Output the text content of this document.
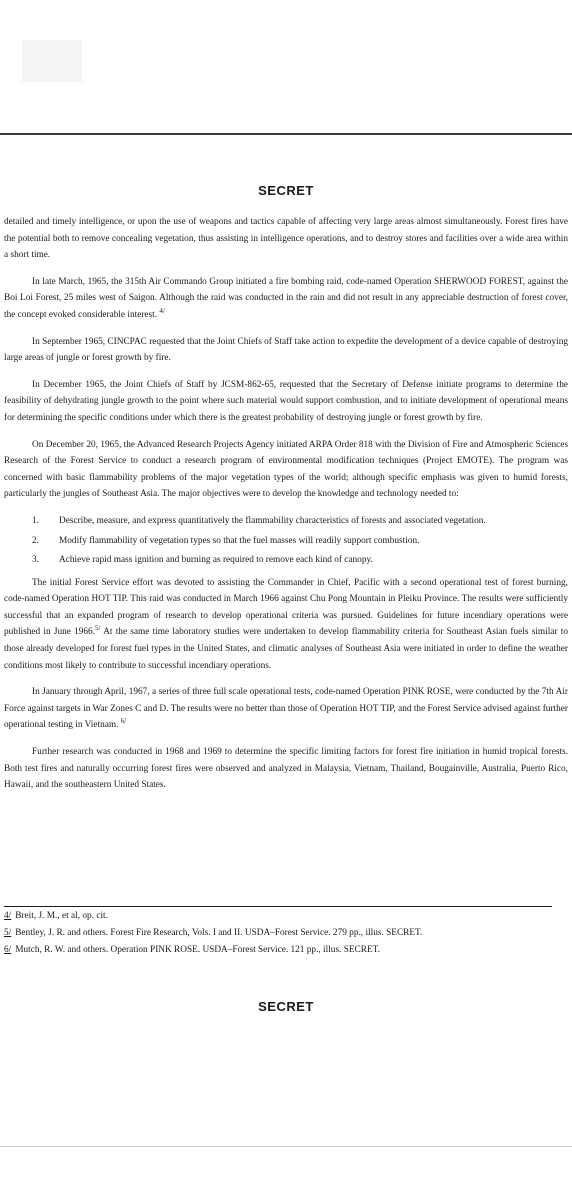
SECRET

detailed and timely intelligence, or upon the use of weapons and tactics capable of affecting very large areas almost simultaneously. Forest fires have the potential both to remove concealing vegetation, thus assisting in intelligence operations, and to destroy stores and facilities over a wide area within a short time.

In late March, 1965, the 315th Air Commando Group initiated a fire bombing raid, code-named Operation SHERWOOD FOREST, against the Boi Loi Forest, 25 miles west of Saigon. Although the raid was conducted in the rain and did not result in any appreciable destruction of forest cover, the concept evoked considerable interest. $^{4/}$

In September 1965, CINCPAC requested that the Joint Chiefs of Staff take action to expedite the development of a device capable of destroying large areas of jungle or forest growth by fire.

In December 1965, the Joint Chiefs of Staff by JCSM-862-65, requested that the Secretary of Defense initiate programs to determine the feasibility of dehydrating jungle growth to the point where such material would support combustion, and to initiate development of operational means for determining the specific conditions under which there is the greatest probability of destroying jungle or forest growth by fire.

On December 20, 1965, the Advanced Research Projects Agency initiated ARPA Order 818 with the Division of Fire and Atmospheric Sciences Research of the Forest Service to conduct a research program of environmental modification techniques (Project EMOTE). The program was concerned with basic flammability problems of the major vegetation types of the world; although specific emphasis was given to humid forests, particularly the jungles of Southeast Asia. The major objectives were to develop the knowledge and technology needed to:

1. Describe, measure, and express quantitatively the flammability characteristics of forests and associated vegetation.
2. Modify flammability of vegetation types so that the fuel masses will readily support combustion.
3. Achieve rapid mass ignition and burning as required to remove each kind of canopy.

The initial Forest Service effort was devoted to assisting the Commander in Chief, Pacific with a second operational test of forest burning, code-named Operation HOT TIP. This raid was conducted in March 1966 against Chu Pong Mountain in Pleiku Province. The results were sufficiently successful that an expanded program of research to develop operational criteria was pursued. Guidelines for future incendiary operations were published in June 1966.$^{5/}$ At the same time laboratory studies were undertaken to develop flammability criteria for Southeast Asian fuels similar to those already developed for forest fuel types in the United States, and climatic analyses of Southeast Asia were initiated in order to define the weather conditions most likely to contribute to successful incendiary operations.

In January through April, 1967, a series of three full scale operational tests, code-named Operation PINK ROSE, were conducted by the 7th Air Force against targets in War Zones C and D. The results were no better than those of Operation HOT TIP, and the Forest Service advised against further operational testing in Vietnam. $^{6/}$

Further research was conducted in 1968 and 1969 to determine the specific limiting factors for forest fire initiation in humid tropical forests. Both test fires and naturally occurring forest fires were observed and analyzed in Malaysia, Vietnam, Thailand, Bougainville, Australia, Puerto Rico, Hawaii, and the southeastern United States.

4/ Breit, J. M., et al, op. cit.
5/ Bentley, J. R. and others. Forest Fire Research, Vols. I and II. USDA–Forest Service. 279 pp., illus. SECRET.
6/ Mutch, R. W. and others. Operation PINK ROSE. USDA–Forest Service. 121 pp., illus. SECRET.
SECRET
